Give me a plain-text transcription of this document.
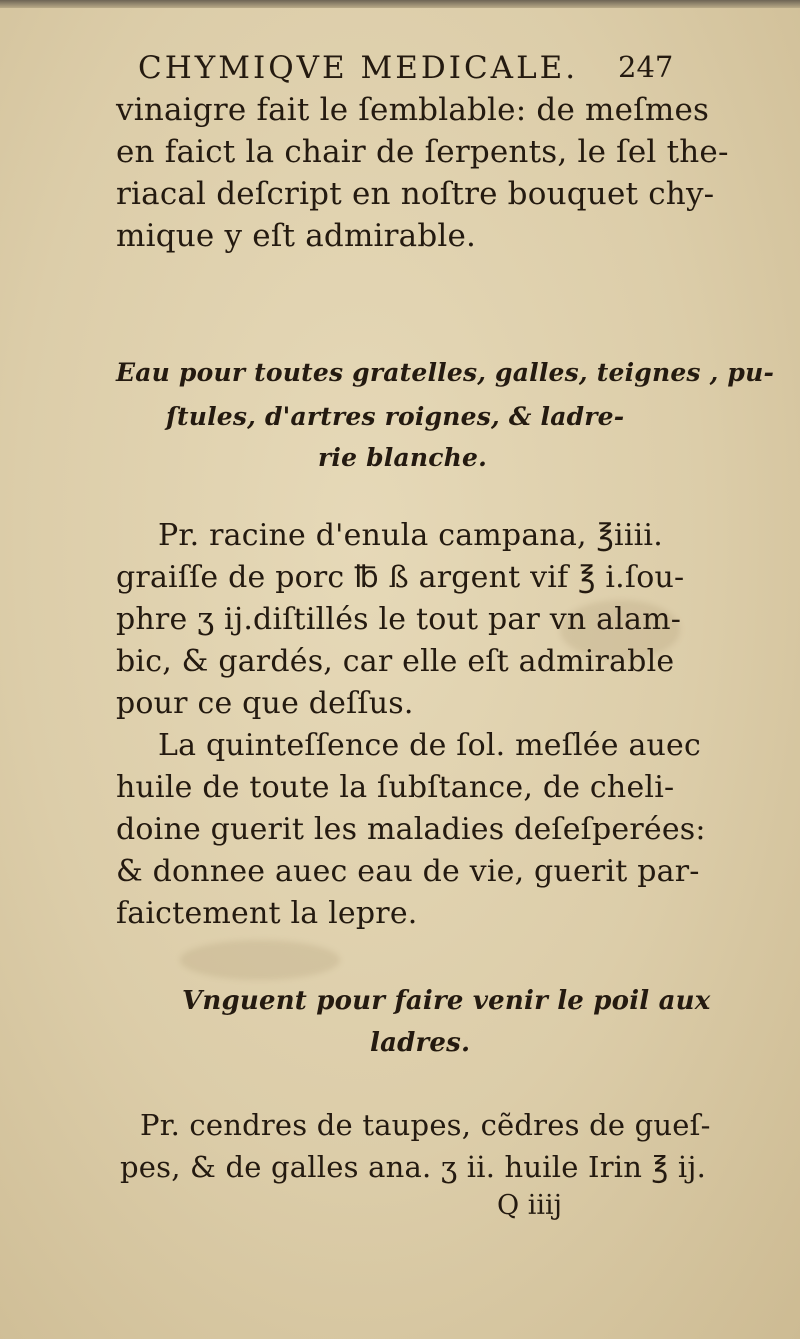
CHYMIQVE MEDICALE. 247
vinaigre fait le ſemblable: de meſmes
en faict la chair de ſerpents, le ſel the-
riacal deſcript en noſtre bouquet chy-
mique y eſt admirable.
Eau pour toutes gratelles, galles, teignes , pu-
ſtules, d'artres roignes, & ladre-
rie blanche.
Pr. racine d'enula campana, ℥iiii.
graiſſe de porc ℔ ß argent vif ℥ i.ſou-
phre ʒ ij.diſtillés le tout par vn alam-
bic, & gardés, car elle eſt admirable
pour ce que deſſus.
La quinteſſence de ſol. meſlée auec
huile de toute la ſubſtance, de cheli-
doine guerit les maladies deſeſperées:
& donnee auec eau de vie, guerit par-
faictement la lepre.
Vnguent pour faire venir le poil aux
ladres.
Pr. cendres de taupes, cẽdres de gueſ-
pes, & de galles ana. ʒ ii. huile Irin ℥ ij.
Q iiij
